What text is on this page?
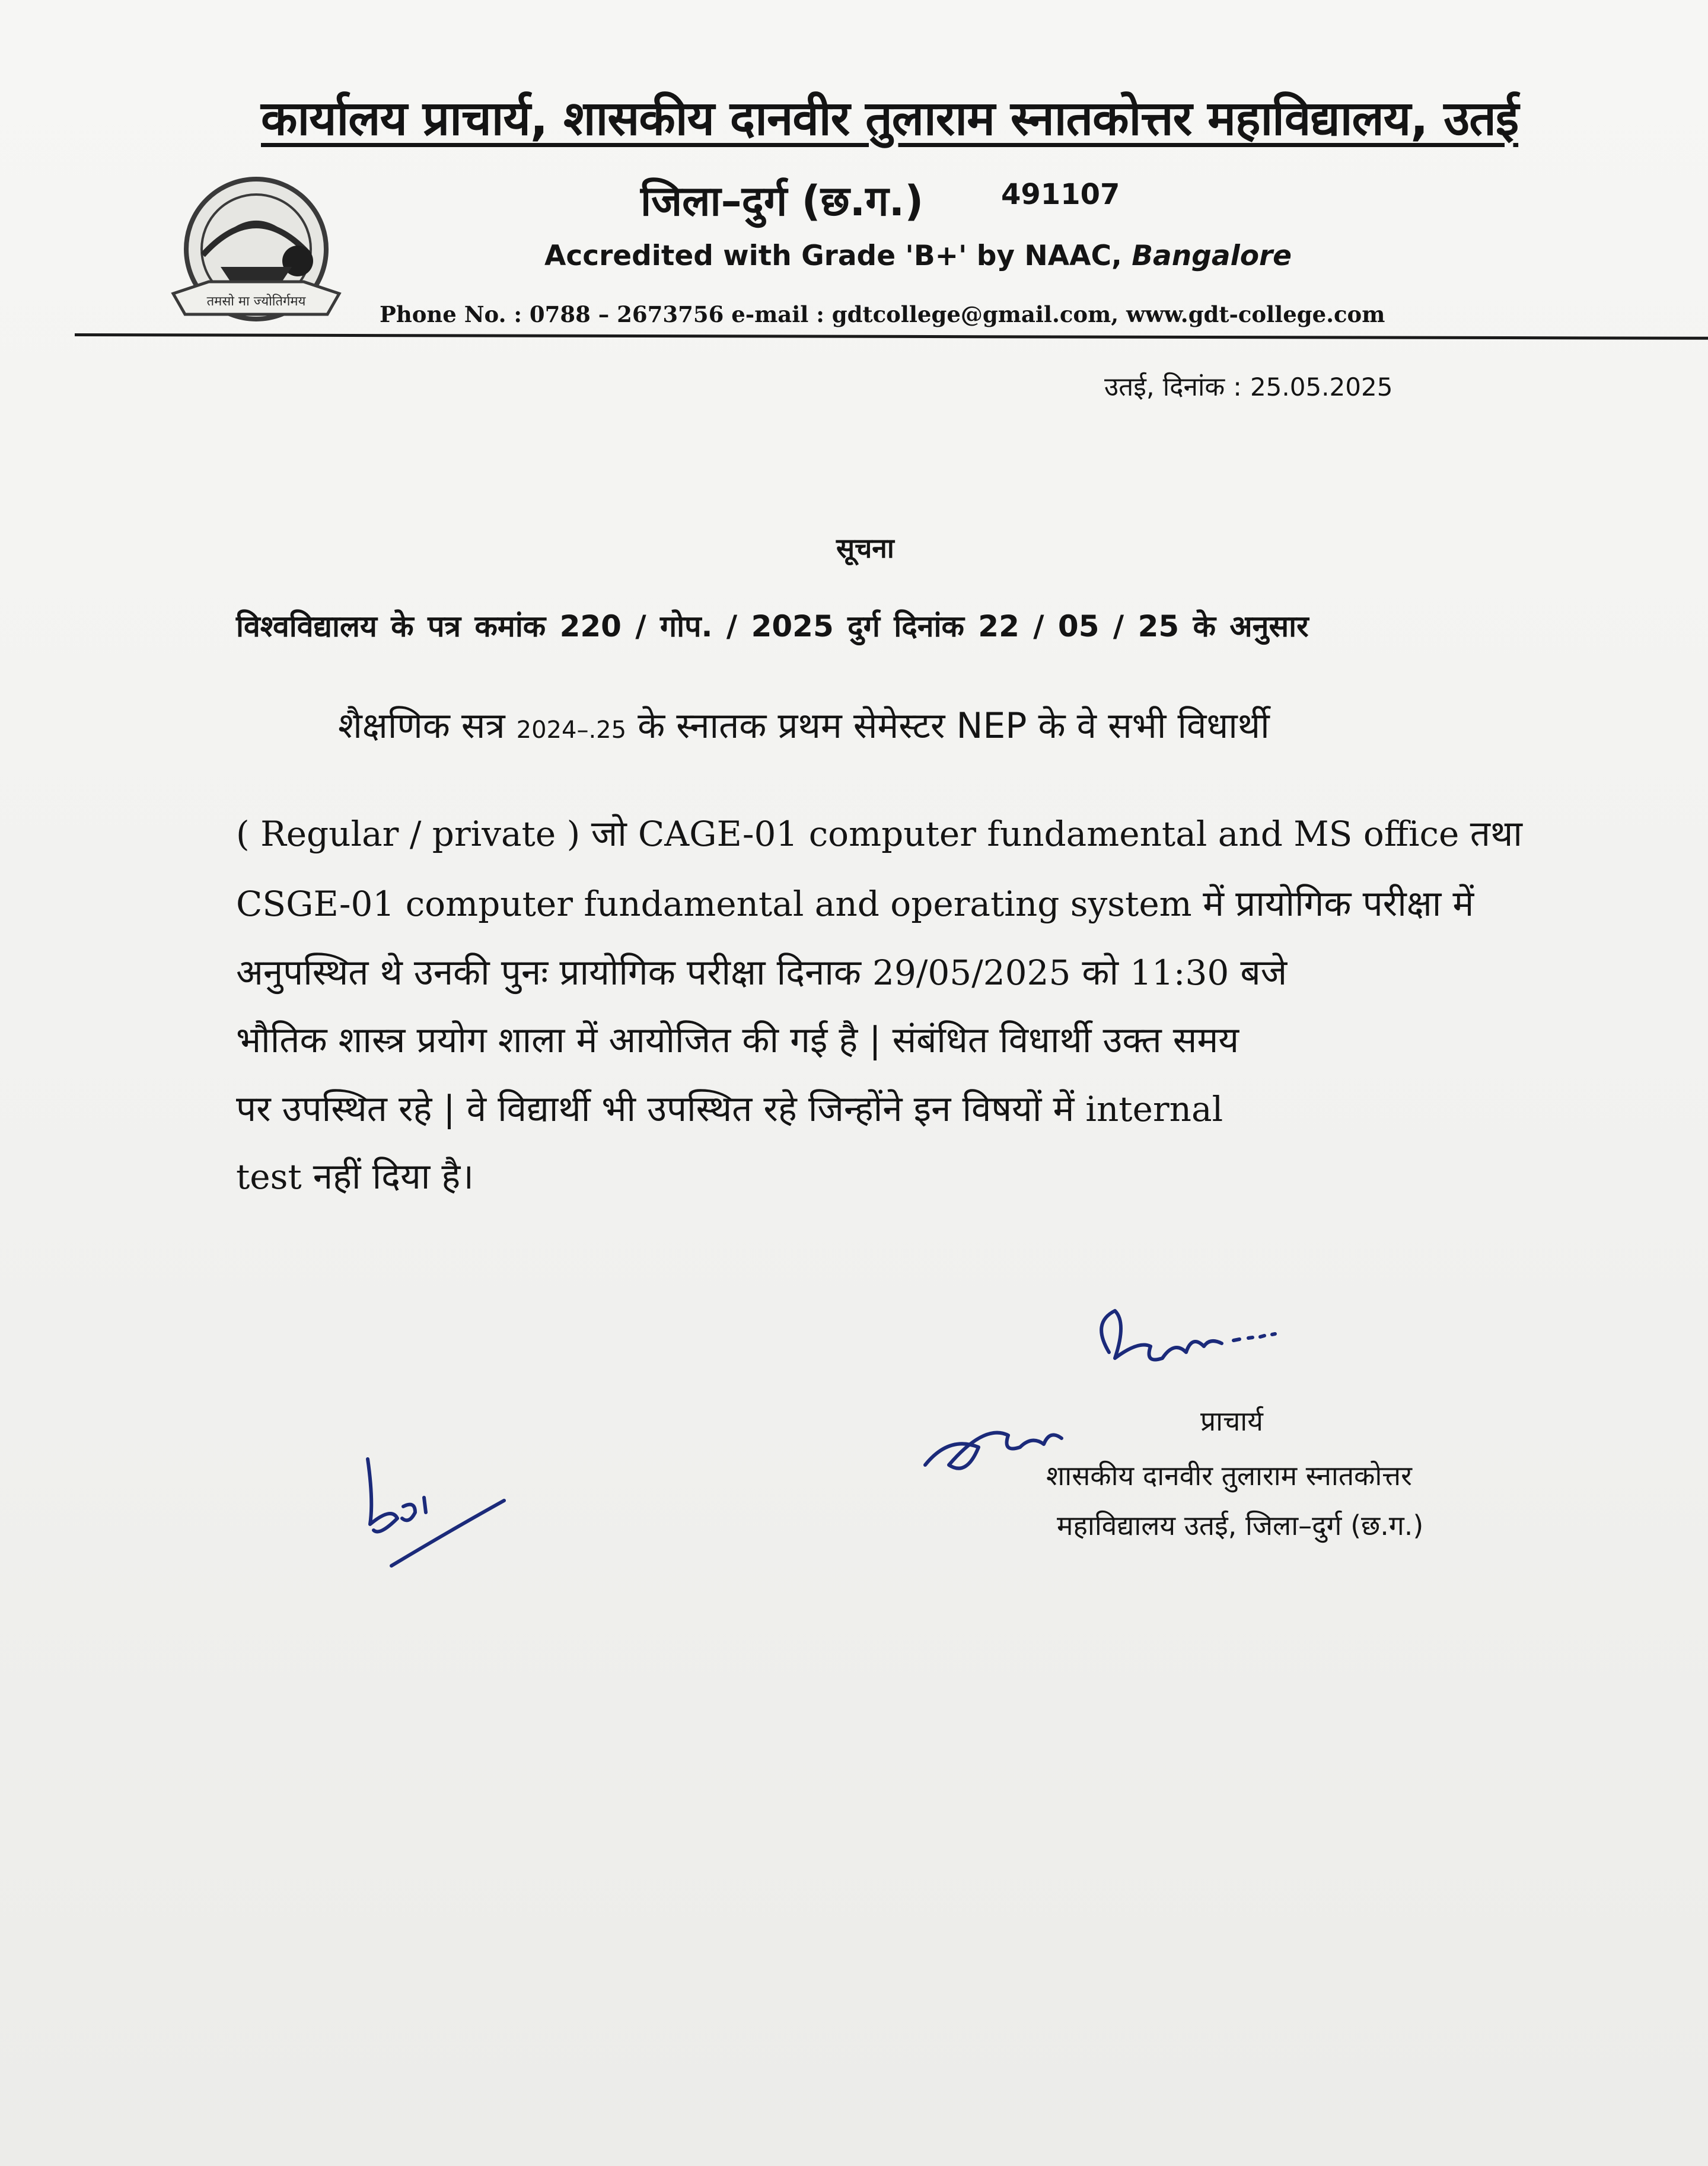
तमसो मा ज्योतिर्गमय
कार्यालय प्राचार्य, शासकीय दानवीर तुलाराम स्नातकोत्तर महाविद्यालय, उतई
जिला–दुर्ग (छ.ग.)	491107
Accredited with Grade 'B+' by NAAC, Bangalore
Phone No. : 0788 – 2673756 e-mail : gdtcollege@gmail.com, www.gdt-college.com
उतई, दिनांक : 25.05.2025
सूचना
विश्वविद्यालय के पत्र कमांक 220 / गोप. / 2025 दुर्ग दिनांक 22 / 05 / 25 के अनुसार
शैक्षणिक सत्र 2024–.25 के स्नातक प्रथम सेमेस्टर NEP के वे सभी विधार्थी
( Regular / private ) जो CAGE-01 computer fundamental and MS office तथा
CSGE-01 computer fundamental and operating system में प्रायोगिक परीक्षा में
अनुपस्थित थे उनकी पुनः प्रायोगिक परीक्षा दिनाक 29/05/2025 को 11:30 बजे
भौतिक शास्त्र प्रयोग शाला में आयोजित की गई है | संबंधित विधार्थी उक्त समय
पर उपस्थित रहे | वे विद्यार्थी भी उपस्थित रहे जिन्होंने इन विषयों में internal
test नहीं दिया है।
प्राचार्य
शासकीय दानवीर तुलाराम स्नातकोत्तर
महाविद्यालय उतई, जिला–दुर्ग (छ.ग.)
